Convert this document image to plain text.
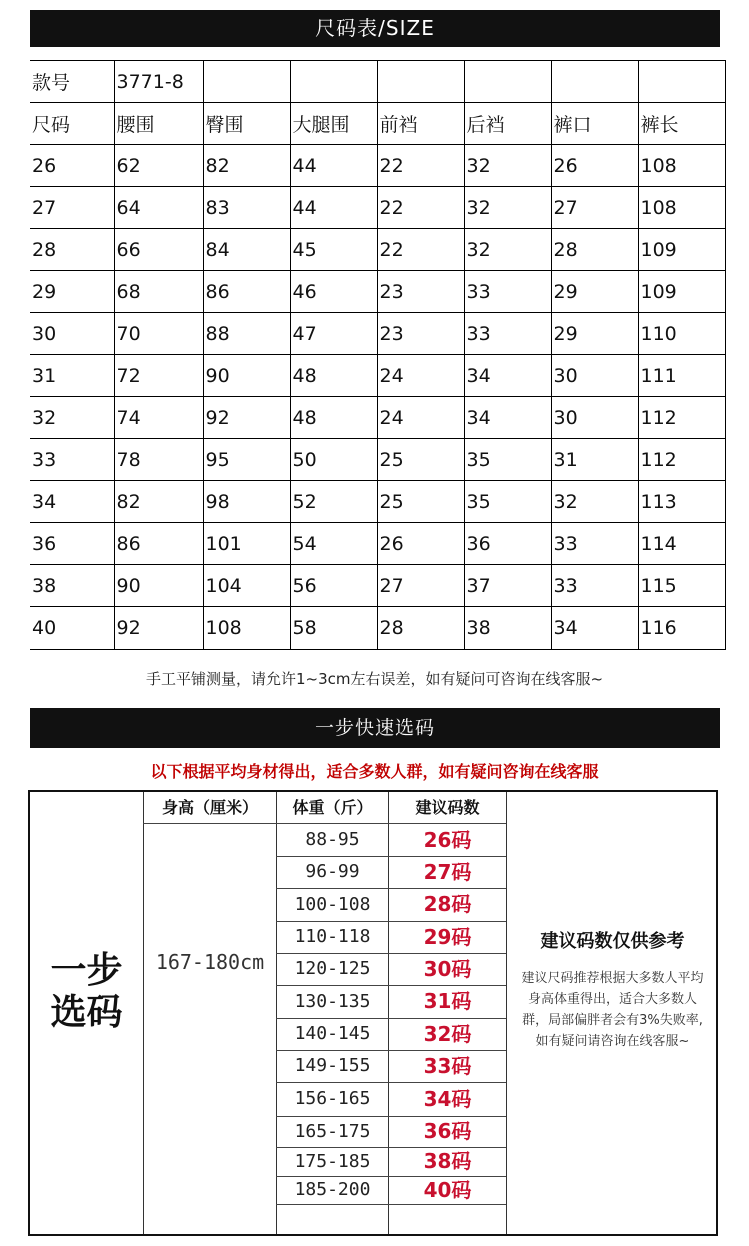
尺码表/SIZE
款号	3771-8						
尺码	腰围	臀围	大腿围	前裆	后裆	裤口	裤长
26	62	82	44	22	32	26	108
27	64	83	44	22	32	27	108
28	66	84	45	22	32	28	109
29	68	86	46	23	33	29	109
30	70	88	47	23	33	29	110
31	72	90	48	24	34	30	111
32	74	92	48	24	34	30	112
33	78	95	50	25	35	31	112
34	82	98	52	25	35	32	113
36	86	101	54	26	36	33	114
38	90	104	56	27	37	33	115
40	92	108	58	28	38	34	116
手工平铺测量，请允许1~3cm左右误差，如有疑问可咨询在线客服~
一步快速选码
以下根据平均身材得出，适合多数人群，如有疑问咨询在线客服
身高（厘米）	体重（斤）	建议码数
一步
选码
167-180cm
建议码数仅供参考
建议尺码推荐根据大多数人平均身高体重得出，适合大多数人群，局部偏胖者会有3%失败率,如有疑问请咨询在线客服~
88-95	26码
96-99	27码
100-108	28码
110-118	29码
120-125	30码
130-135	31码
140-145	32码
149-155	33码
156-165	34码
165-175	36码
175-185	38码
185-200	40码
